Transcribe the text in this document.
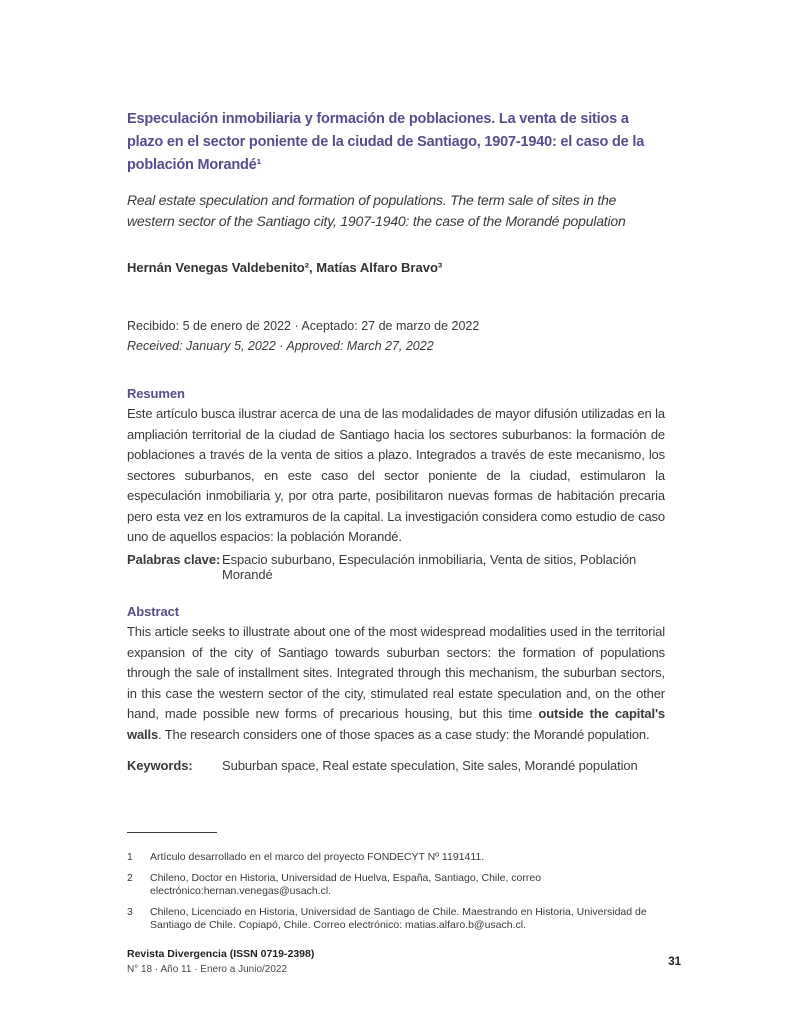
Especulación inmobiliaria y formación de poblaciones. La venta de sitios a plazo en el sector poniente de la ciudad de Santiago, 1907-1940: el caso de la población Morandé¹
Real estate speculation and formation of populations. The term sale of sites in the western sector of the Santiago city, 1907-1940: the case of the Morandé population
Hernán Venegas Valdebenito², Matías Alfaro Bravo³
Recibido: 5 de enero de 2022 · Aceptado: 27 de marzo de 2022
Received: January 5, 2022 · Approved: March 27, 2022
Resumen
Este artículo busca ilustrar acerca de una de las modalidades de mayor difusión utilizadas en la ampliación territorial de la ciudad de Santiago hacia los sectores suburbanos: la formación de poblaciones a través de la venta de sitios a plazo. Integrados a través de este mecanismo, los sectores suburbanos, en este caso del sector poniente de la ciudad, estimularon la especulación inmobiliaria y, por otra parte, posibilitaron nuevas formas de habitación precaria pero esta vez en los extramuros de la capital. La investigación considera como estudio de caso uno de aquellos espacios: la población Morandé.
Palabras clave: Espacio suburbano, Especulación inmobiliaria, Venta de sitios, Población Morandé
Abstract
This article seeks to illustrate about one of the most widespread modalities used in the territorial expansion of the city of Santiago towards suburban sectors: the formation of populations through the sale of installment sites. Integrated through this mechanism, the suburban sectors, in this case the western sector of the city, stimulated real estate speculation and, on the other hand, made possible new forms of precarious housing, but this time outside the capital's walls. The research considers one of those spaces as a case study: the Morandé population.
Keywords:	Suburban space, Real estate speculation, Site sales, Morandé population
1	Artículo desarrollado en el marco del proyecto FONDECYT Nº 1191411.
2	Chileno, Doctor en Historia, Universidad de Huelva, España, Santiago, Chile, correo electrónico:hernan.venegas@usach.cl.
3	Chileno, Licenciado en Historia, Universidad de Santiago de Chile. Maestrando en Historia, Universidad de Santiago de Chile. Copiapó, Chile. Correo electrónico: matias.alfaro.b@usach.cl.
Revista Divergencia (ISSN 0719-2398)
N° 18 · Año 11 · Enero a Junio/2022
31
